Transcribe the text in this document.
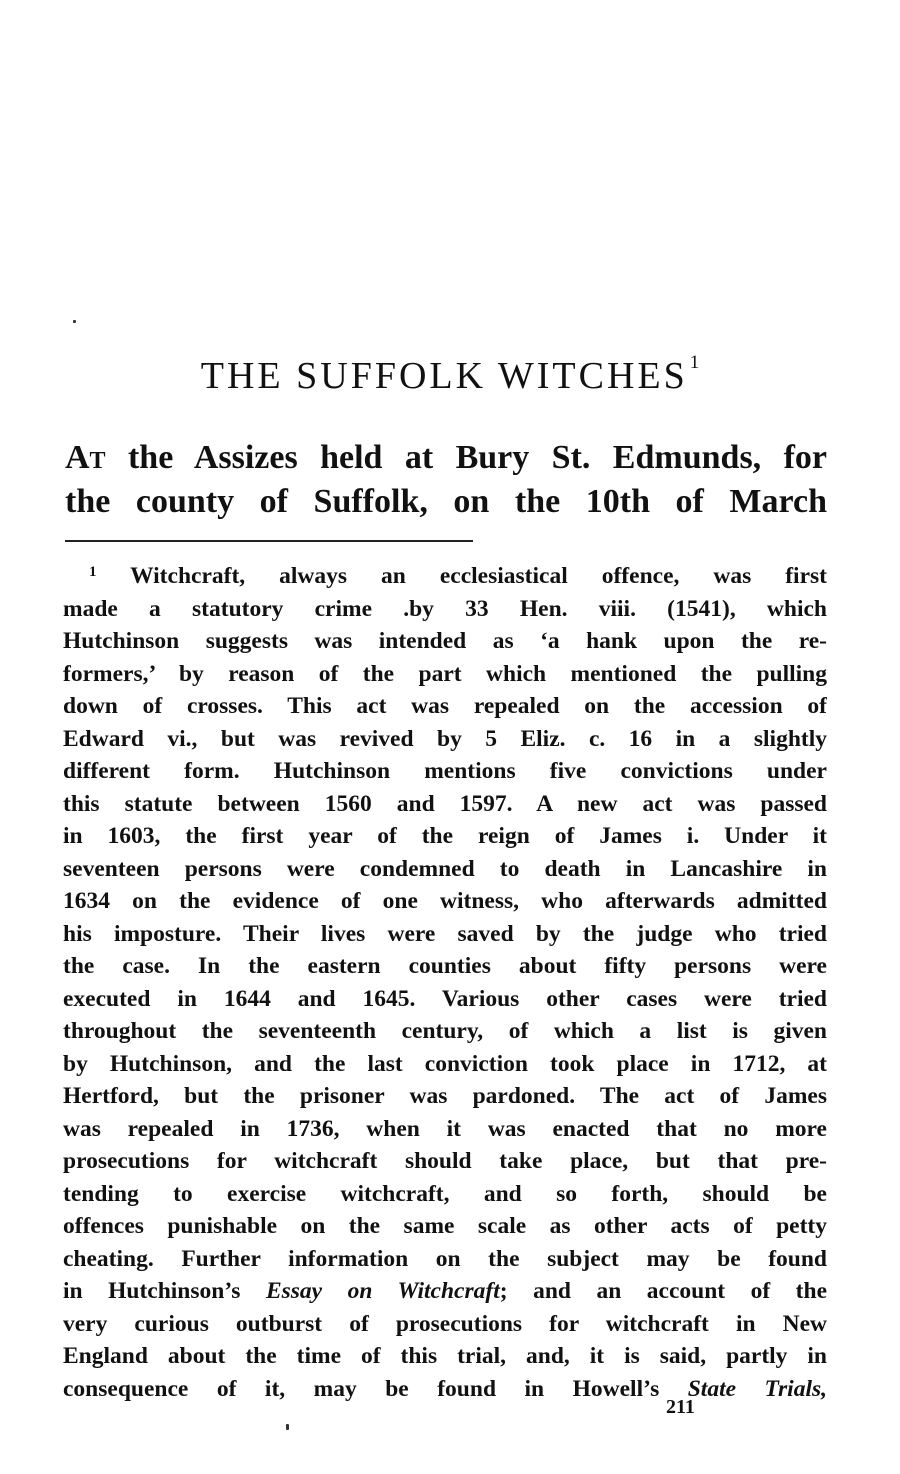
THE SUFFOLK WITCHES $^1$

At the Assizes held at Bury St. Edmunds, for
the county of Suffolk, on the 10th of March

$^1$ Witchcraft, always an ecclesiastical offence, was first
made a statutory crime .by 33 Hen. viii. (1541), which
Hutchinson suggests was intended as ‘a hank upon the re-
formers,’ by reason of the part which mentioned the pulling
down of crosses. This act was repealed on the accession of
Edward vi., but was revived by 5 Eliz. c. 16 in a slightly
different form. Hutchinson mentions five convictions under
this statute between 1560 and 1597. A new act was passed
in 1603, the first year of the reign of James i. Under it
seventeen persons were condemned to death in Lancashire in
1634 on the evidence of one witness, who afterwards admitted
his imposture. Their lives were saved by the judge who tried
the case. In the eastern counties about fifty persons were
executed in 1644 and 1645. Various other cases were tried
throughout the seventeenth century, of which a list is given
by Hutchinson, and the last conviction took place in 1712, at
Hertford, but the prisoner was pardoned. The act of James
was repealed in 1736, when it was enacted that no more
prosecutions for witchcraft should take place, but that pre-
tending to exercise witchcraft, and so forth, should be
offences punishable on the same scale as other acts of petty
cheating. Further information on the subject may be found
in Hutchinson’s Essay on Witchcraft; and an account of the
very curious outburst of prosecutions for witchcraft in New
England about the time of this trial, and, it is said, partly in
consequence of it, may be found in Howell’s State Trials,
211
